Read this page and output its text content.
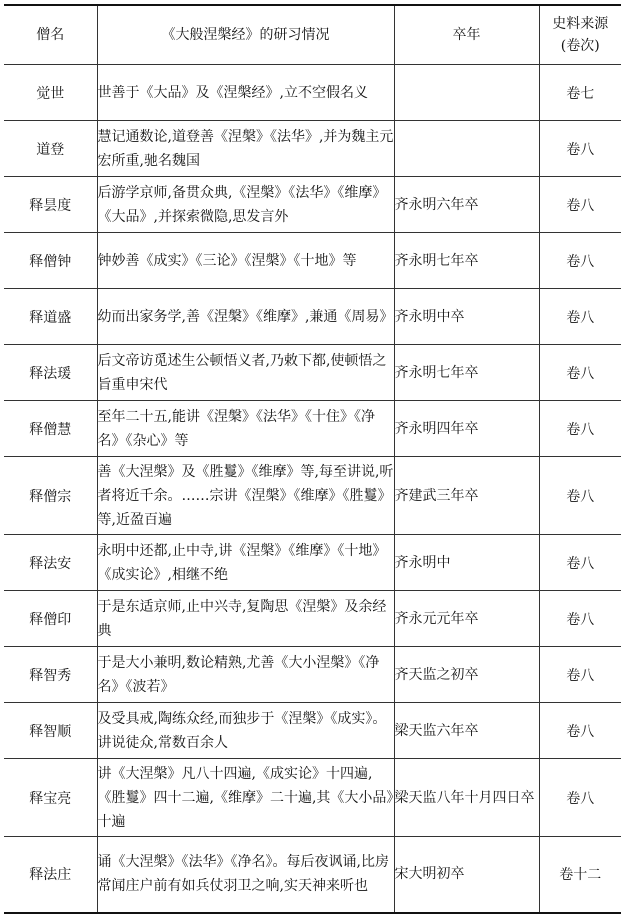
僧名	《大般涅槃经》的研习情况	卒年	史料来源
(卷次)

觉世	世善于《大品》及《涅槃经》,立不空假名义		卷七
道登	慧记通数论,道登善《涅槃》《法华》,并为魏主元宏所重,驰名魏国		卷八
释昙度	后游学京师,备贯众典,《涅槃》《法华》《维摩》《大品》,并探索微隐,思发言外	齐永明六年卒	卷八
释僧钟	钟妙善《成实》《三论》《涅槃》《十地》等	齐永明七年卒	卷八
释道盛	幼而出家务学,善《涅槃》《维摩》,兼通《周易》	齐永明中卒	卷八
释法瑗	后文帝访觅述生公顿悟义者,乃敕下都,使顿悟之旨重申宋代	齐永明七年卒	卷八
释僧慧	至年二十五,能讲《涅槃》《法华》《十住》《净名》《杂心》等	齐永明四年卒	卷八
释僧宗	善《大涅槃》及《胜鬘》《维摩》等,每至讲说,听者将近千余。……宗讲《涅槃》《维摩》《胜鬘》等,近盈百遍	齐建武三年卒	卷八
释法安	永明中还都,止中寺,讲《涅槃》《维摩》《十地》《成实论》,相继不绝	齐永明中	卷八
释僧印	于是东适京师,止中兴寺,复陶思《涅槃》及余经典	齐永元元年卒	卷八
释智秀	于是大小兼明,数论精熟,尤善《大小涅槃》《净名》《波若》	齐天监之初卒	卷八
释智顺	及受具戒,陶练众经,而独步于《涅槃》《成实》。讲说徒众,常数百余人	梁天监六年卒	卷八
释宝亮	讲《大涅槃》凡八十四遍,《成实论》十四遍,《胜鬘》四十二遍,《维摩》二十遍,其《大小品》十遍	梁天监八年十月四日卒	卷八
释法庄	诵《大涅槃》《法华》《净名》。每后夜讽诵,比房常闻庄户前有如兵仗羽卫之响,实天神来听也	宋大明初卒	卷十二
